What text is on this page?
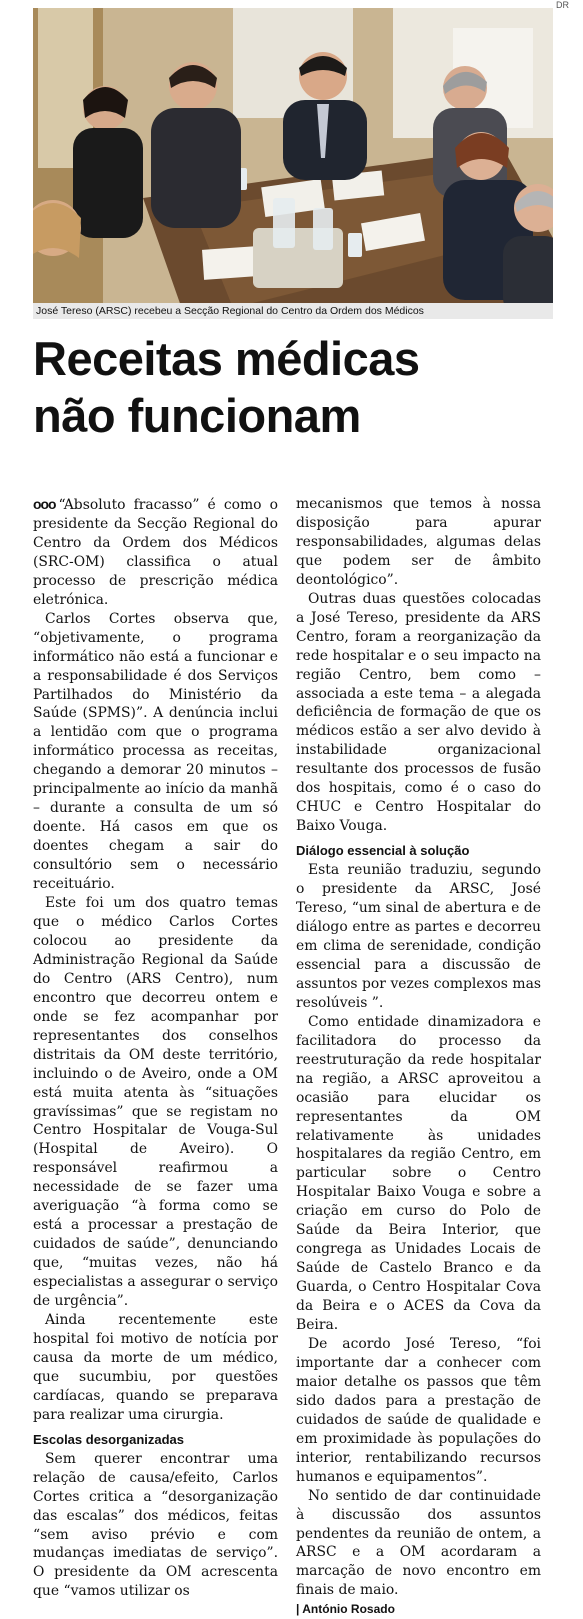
DR
José Tereso (ARSC) recebeu a Secção Regional do Centro da Ordem dos Médicos
Receitas médicas
não funcionam

ooo “Absoluto fracasso” é como o presidente da Secção Regional do Centro da Ordem dos Médicos (SRC-OM) classifica o atual processo de prescrição médica eletrónica.

Carlos Cortes observa que, “objetivamente, o programa informático não está a funcionar e a responsabilidade é dos Serviços Partilhados do Ministério da Saúde (SPMS)”. A denúncia inclui a lentidão com que o programa informático processa as receitas, chegando a demorar 20 minutos – principalmente ao início da manhã – durante a consulta de um só doente. Há casos em que os doentes chegam a sair do consultório sem o necessário receituário.

Este foi um dos quatro temas que o médico Carlos Cortes colocou ao presidente da Administração Regional da Saúde do Centro (ARS Centro), num encontro que decorreu ontem e onde se fez acompanhar por representantes dos conselhos distritais da OM deste território, incluindo o de Aveiro, onde a OM está muita atenta às “situações gravíssimas” que se registam no Centro Hospitalar de Vouga-Sul (Hospital de Aveiro). O responsável reafirmou a necessidade de se fazer uma averiguação “à forma como se está a processar a prestação de cuidados de saúde”, denunciando que, “muitas vezes, não há especialistas a assegurar o serviço de urgência”.

Ainda recentemente este hospital foi motivo de notícia por causa da morte de um médico, que sucumbiu, por questões cardíacas, quando se preparava para realizar uma cirurgia.

Escolas desorganizadas

Sem querer encontrar uma relação de causa/efeito, Carlos Cortes critica a “desorganização das escalas” dos médicos, feitas “sem aviso prévio e com mudanças imediatas de serviço”. O presidente da OM acrescenta que “vamos utilizar os

mecanismos que temos à nossa disposição para apurar responsabilidades, algumas delas que podem ser de âmbito deontológico”.

Outras duas questões colocadas a José Tereso, presidente da ARS Centro, foram a reorganização da rede hospitalar e o seu impacto na região Centro, bem como – associada a este tema – a alegada deficiência de formação de que os médicos estão a ser alvo devido à instabilidade organizacional resultante dos processos de fusão dos hospitais, como é o caso do CHUC e Centro Hospitalar do Baixo Vouga.

Diálogo essencial à solução

Esta reunião traduziu, segundo o presidente da ARSC, José Tereso, “um sinal de abertura e de diálogo entre as partes e decorreu em clima de serenidade, condição essencial para a discussão de assuntos por vezes complexos mas resolúveis ”.

Como entidade dinamizadora e facilitadora do processo da reestruturação da rede hospitalar na região, a ARSC aproveitou a ocasião para elucidar os representantes da OM relativamente às unidades hospitalares da região Centro, em particular sobre o Centro Hospitalar Baixo Vouga e sobre a criação em curso do Polo de Saúde da Beira Interior, que congrega as Unidades Locais de Saúde de Castelo Branco e da Guarda, o Centro Hospitalar Cova da Beira e o ACES da Cova da Beira.

De acordo José Tereso, “foi importante dar a conhecer com maior detalhe os passos que têm sido dados para a prestação de cuidados de saúde de qualidade e em proximidade às populações do interior, rentabilizando recursos humanos e equipamentos”.

No sentido de dar continuidade à discussão dos assuntos pendentes da reunião de ontem, a ARSC e a OM acordaram a marcação de novo encontro em finais de maio.

| António Rosado
